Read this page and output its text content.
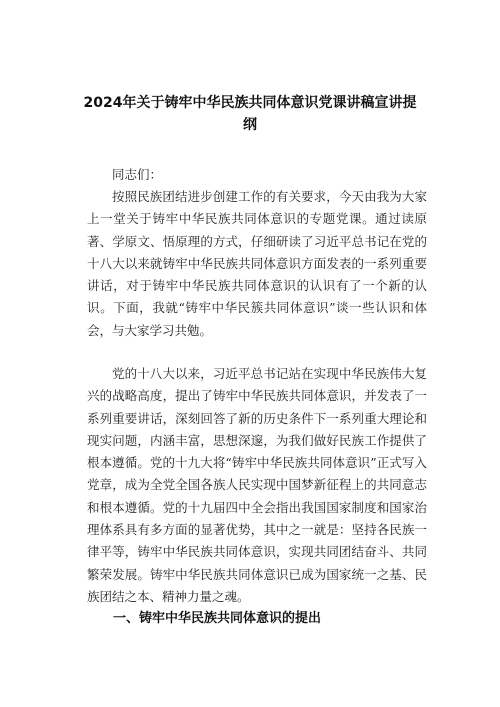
2024年关于铸牢中华民族共同体意识党课讲稿宣讲提
纲
同志们：
按照民族团结进步创建工作的有关要求，今天由我为大家上一堂关于铸牢中华民族共同体意识的专题党课。通过读原著、学原文、悟原理的方式，仔细研读了习近平总书记在党的十八大以来就铸牢中华民族共同体意识方面发表的一系列重要讲话，对于铸牢中华民族共同体意识的认识有了一个新的认识。下面，我就“铸牢中华民簇共同体意识”谈一些认识和体会，与大家学习共勉。
党的十八大以来，习近平总书记站在实现中华民族伟大复兴的战略高度，提出了铸牢中华民族共同体意识，并发表了一系列重要讲话，深刻回答了新的历史条件下一系列重大理论和现实问题，内涵丰富，思想深邃，为我们做好民族工作提供了根本遵循。党的十九大将“铸牢中华民族共同体意识”正式写入党章，成为全党全国各族人民实现中国梦新征程上的共同意志和根本遵循。党的十九届四中全会指出我国国家制度和国家治理体系具有多方面的显著优势，其中之一就是：坚持各民族一律平等，铸牢中华民族共同体意识，实现共同团结奋斗、共同繁荣发展。铸牢中华民族共同体意识已成为国家统一之基、民族团结之本、精神力量之魂。
一、铸牢中华民族共同体意识的提出
